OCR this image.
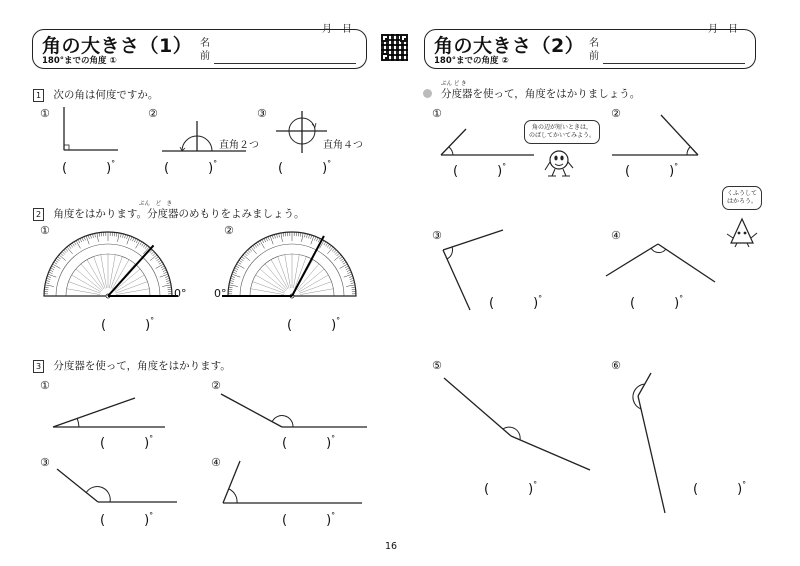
月　日
角の大きさ（1）
180°までの角度 ①
名
前
1 次の角は何度ですか。
①	②	③
直角２つ	直角４つ
(　　　)°	(　　　)°	(　　　)°
ぶん　ど　き
2 角度をはかります。分度器のめもりをよみましょう。
①	②
0°	0°
(　　　)°	(　　　)°
3 分度器を使って，角度をはかります。
①	②
③	④
(　　　)°	(　　　)°
(　　　)°	(　　　)°
16
月　日
角の大きさ（2）
180°までの角度 ②
名
前
ぶん ど き
分度器を使って，角度をはかりましょう。
①	②
③	④
⑤	⑥
角の辺が短いときは，
のばしてかいてみよう。
くふうして
はかろう。
(　　　)°	(　　　)°
(　　　)°	(　　　)°
(　　　)°	(　　　)°
